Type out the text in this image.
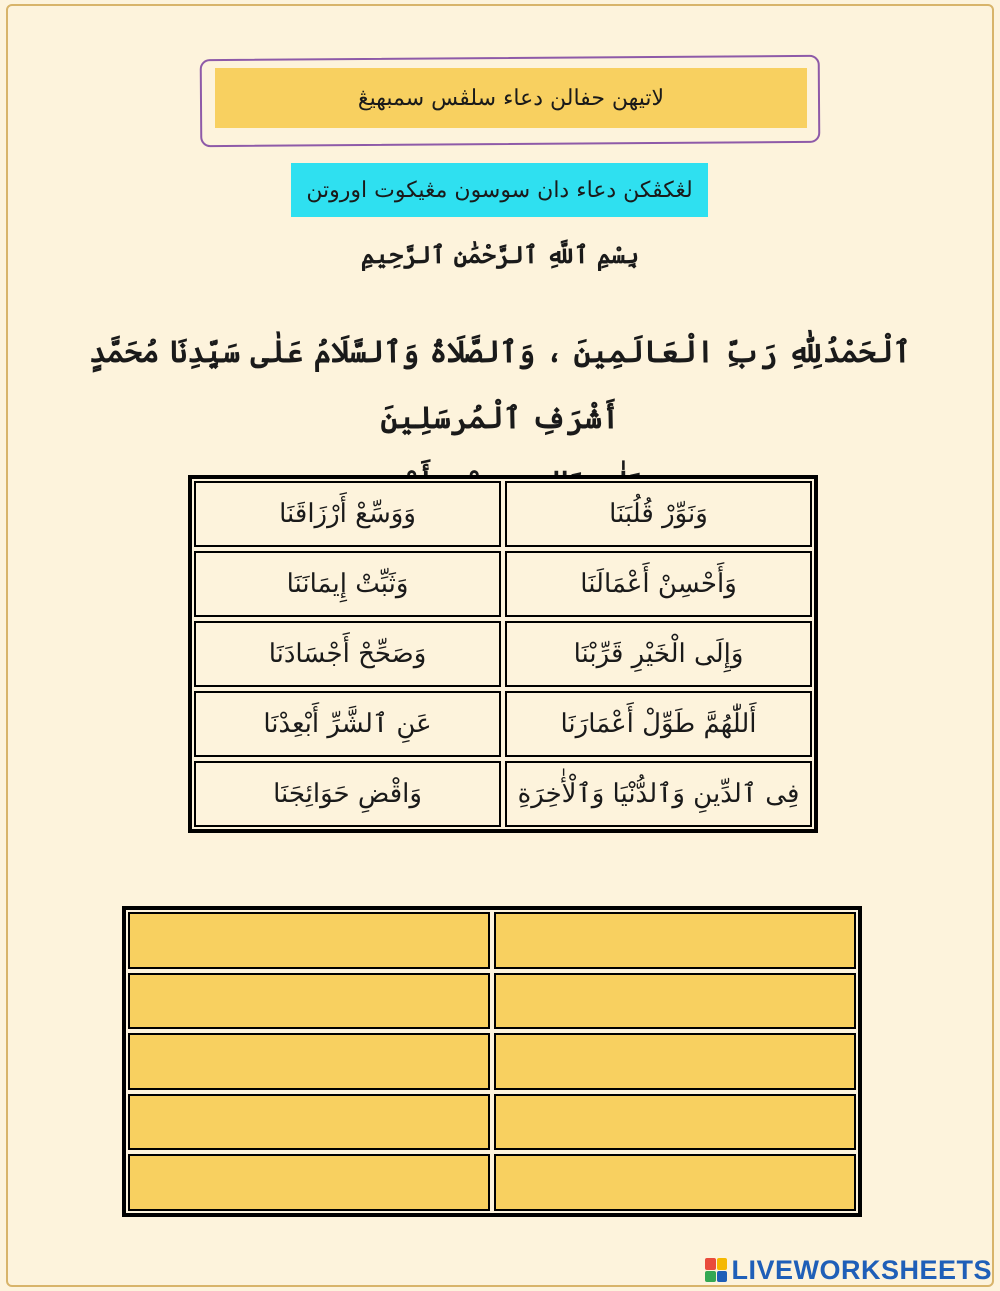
لاتيهن حفالن دعاء سلڤس سمبهيڠ
لڠکڤکن دعاء دان سوسون مڠيکوت اوروتن
بِسْمِ ٱللَّهِ ٱلرَّحْمَٰنِ ٱلرَّحِيمِ
ٱلْحَمْدُلِلّٰهِ رَبِّ الْعَالَمِينَ ، وَٱلصَّلَاةُ وَٱلسَّلَامُ عَلٰى سَيِّدِنَا مُحَمَّدٍ أَشْرَفِ ٱلْمُرسَلِينَ
وَنَوِّرْ قُلُبَنَا
وَوَسِّعْ أَرْزَاقَنَا
وَأَحْسِنْ أَعْمَالَنَا
وَثَبِّتْ إِيمَانَنَا
وَإِلَى الْخَيْرِ قَرِّبْنَا
وَصَحِّحْ أَجْسَادَنَا
أَللّٰهُمَّ طَوِّلْ أَعْمَارَنَا
عَنِ ٱلشَّرِّ أَبْعِدْنَا
فِى ٱلدِّينِ وَٱلدُّنْيَا وَٱلْأٰخِرَةِ
وَاقْضِ حَوَائِجَنَا
LIVEWORKSHEETS
